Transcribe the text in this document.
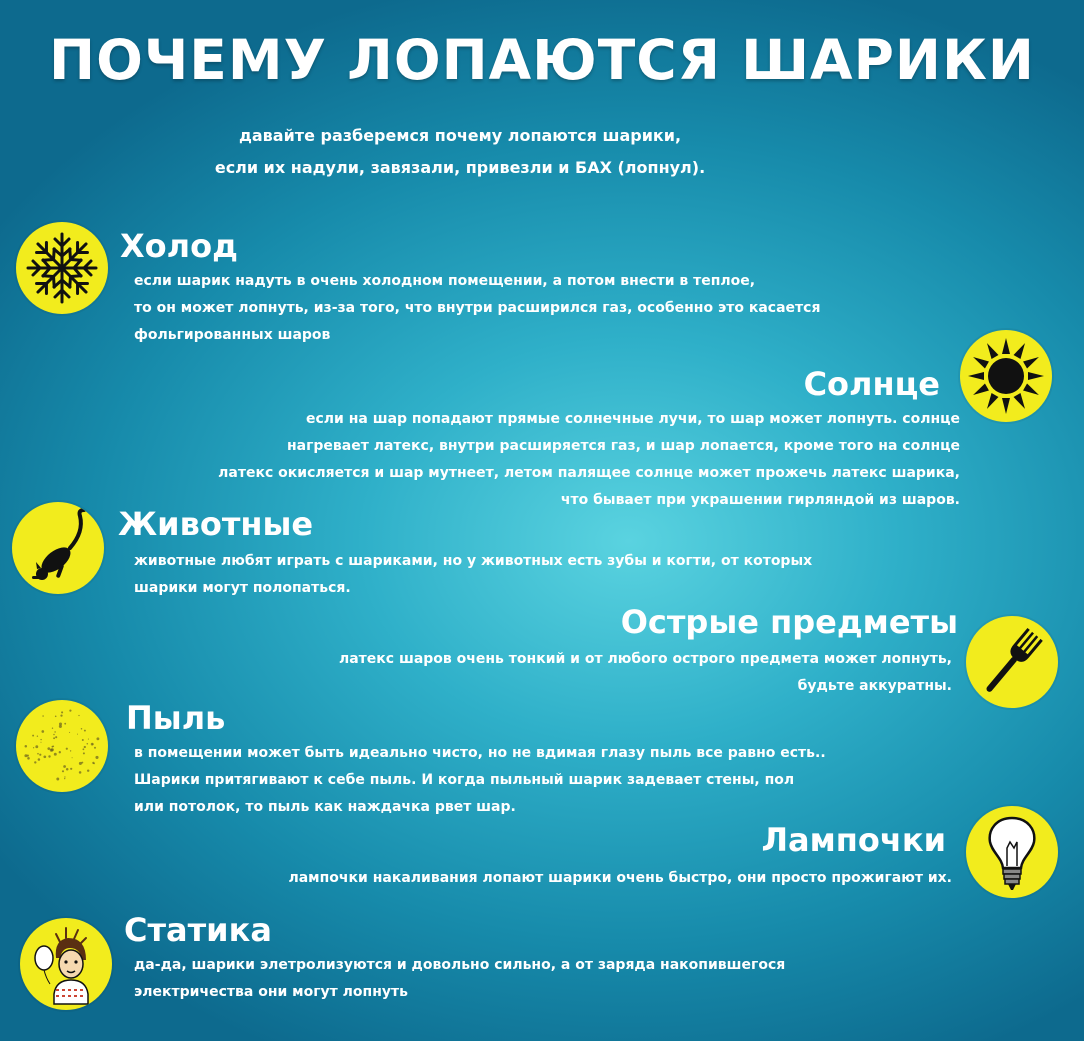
ПОЧЕМУ ЛОПАЮТСЯ ШАРИКИ
давайте разберемся почему лопаются шарики,
если их надули, завязали, привезли и БАХ (лопнул).
Холод
если шарик надуть в очень холодном помещении, а потом внести в теплое,
то он может лопнуть, из-за того, что внутри расширился газ, особенно это касается
фольгированных шаров
Солнце
если на шар попадают прямые солнечные лучи, то шар может лопнуть. солнце
нагревает латекс, внутри расширяется газ, и шар лопается, кроме того на солнце
латекс окисляется и шар мутнеет, летом палящее солнце может прожечь латекс шарика,
что бывает при украшении гирляндой из шаров.
Животные
животные любят играть с шариками, но у животных есть зубы и когти, от которых
шарики могут полопаться.
Острые предметы
латекс шаров очень тонкий и от любого острого предмета может лопнуть,
будьте аккуратны.
Пыль
в помещении может быть идеально чисто, но не вдимая глазу пыль все равно есть..
Шарики притягивают к себе пыль. И когда пыльный шарик задевает стены, пол
или потолок, то пыль как наждачка рвет шар.
Лампочки
лампочки накаливания лопают шарики очень быстро, они просто прожигают их.
Статика
да-да, шарики элетролизуются и довольно сильно, а от заряда накопившегося
электричества они могут лопнуть
